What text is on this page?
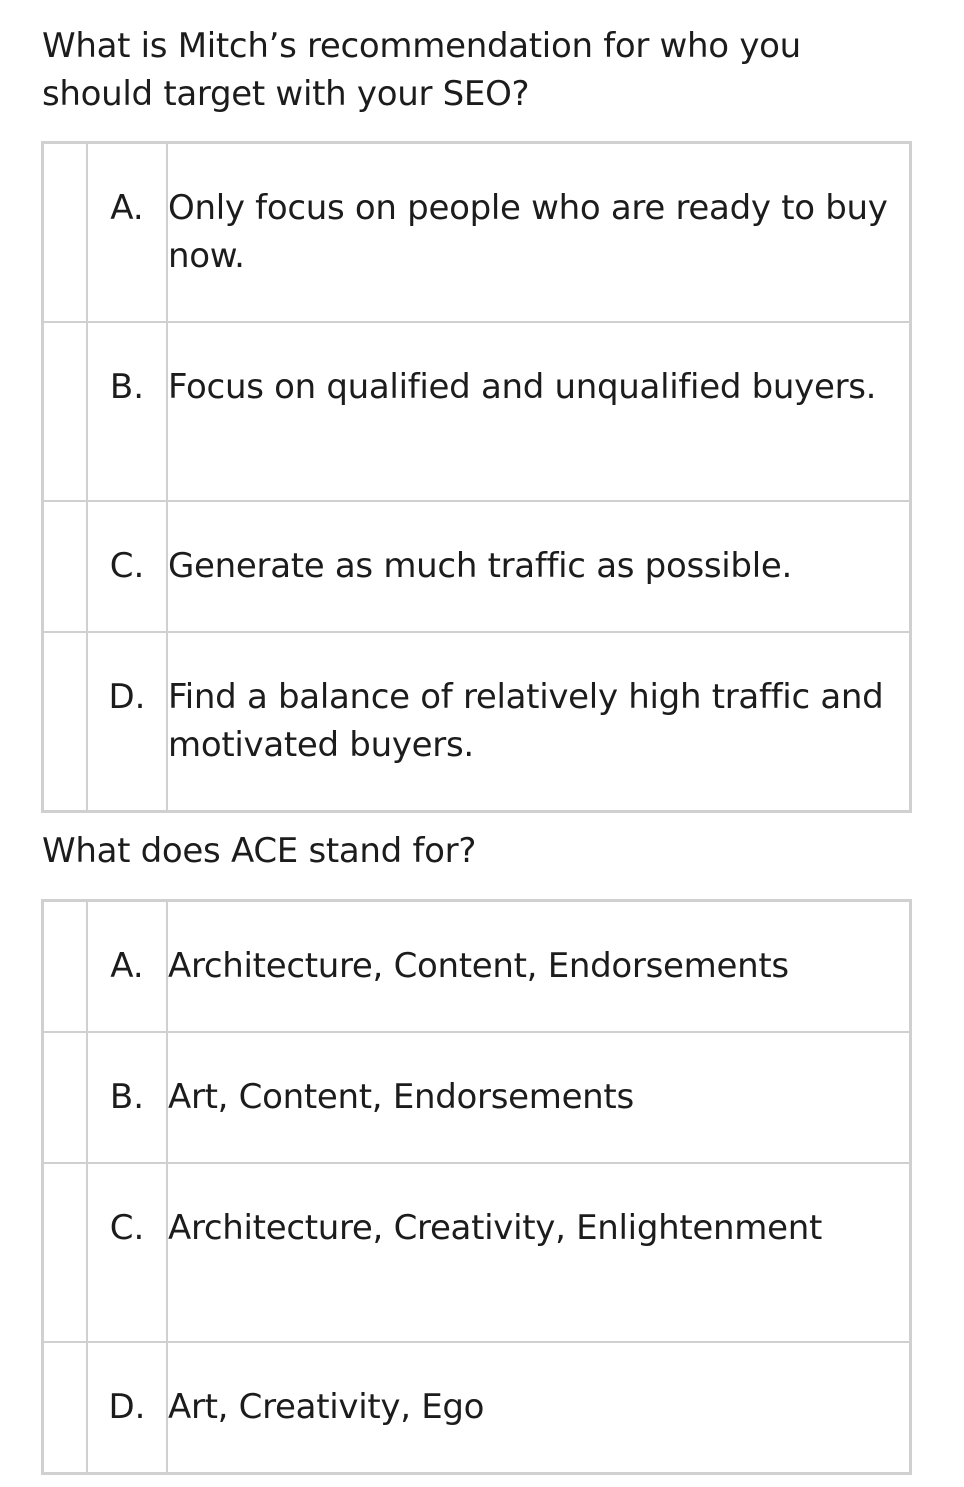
What is Mitch’s recommendation for who you should target with your SEO?

	A.	Only focus on people who are ready to buy now.

	B.	Focus on qualified and unqualified buyers.

	C.	Generate as much traffic as possible.

	D.	Find a balance of relatively high traffic and motivated buyers.
What does ACE stand for?

	A.	Architecture, Content, Endorsements

	B.	Art, Content, Endorsements

	C.	Architecture, Creativity, Enlightenment

	D.	Art, Creativity, Ego
